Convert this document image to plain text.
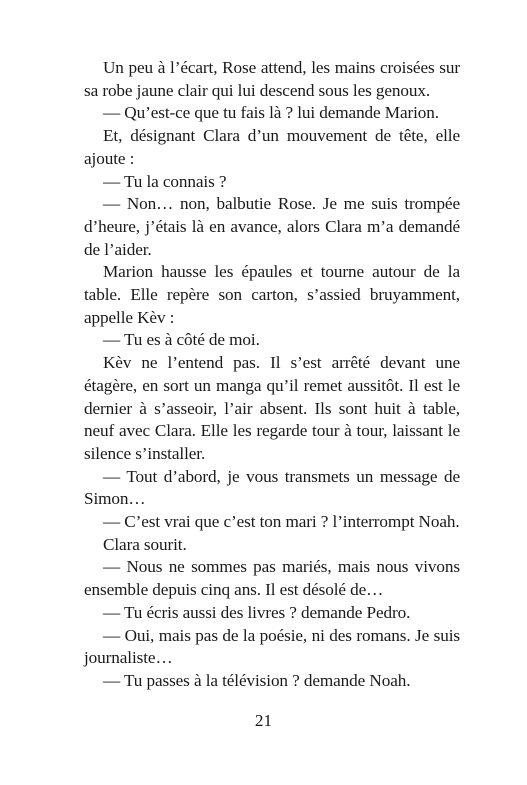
Un peu à l’écart, Rose attend, les mains croisées sur sa robe jaune clair qui lui descend sous les genoux.

— Qu’est-ce que tu fais là ? lui demande Marion.

Et, désignant Clara d’un mouvement de tête, elle ajoute :

— Tu la connais ?

— Non… non, balbutie Rose. Je me suis trompée d’heure, j’étais là en avance, alors Clara m’a demandé de l’aider.

Marion hausse les épaules et tourne autour de la table. Elle repère son carton, s’assied bruyamment, appelle Kèv :

— Tu es à côté de moi.

Kèv ne l’entend pas. Il s’est arrêté devant une étagère, en sort un manga qu’il remet aussitôt. Il est le dernier à s’asseoir, l’air absent. Ils sont huit à table, neuf avec Clara. Elle les regarde tour à tour, laissant le silence s’installer.

— Tout d’abord, je vous transmets un message de Simon…

— C’est vrai que c’est ton mari ? l’interrompt Noah.

Clara sourit.

— Nous ne sommes pas mariés, mais nous vivons ensemble depuis cinq ans. Il est désolé de…

— Tu écris aussi des livres ? demande Pedro.

— Oui, mais pas de la poésie, ni des romans. Je suis journaliste…

— Tu passes à la télévision ? demande Noah.

21
